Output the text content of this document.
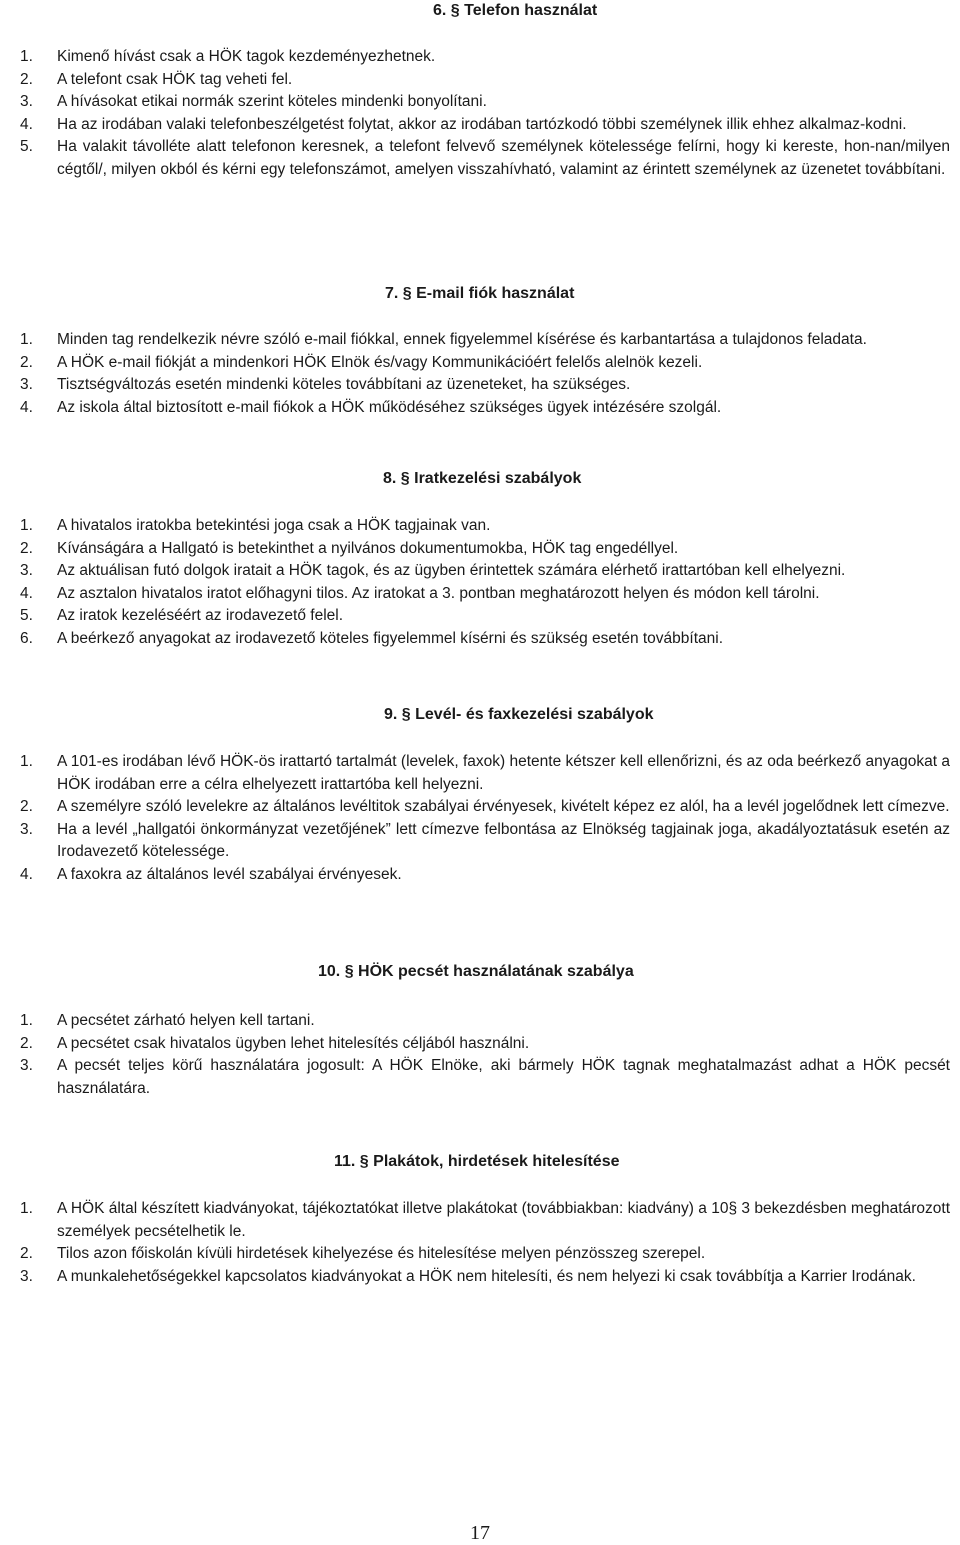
6. § Telefon használat
1.	Kimenő hívást csak a HÖK tagok kezdeményezhetnek.
2.	A telefont csak HÖK tag veheti fel.
3.	A hívásokat etikai normák szerint köteles mindenki bonyolítani.
4.	Ha az irodában valaki telefonbeszélgetést folytat, akkor az irodában tartózkodó többi személynek illik ehhez alkalmaz-kodni.
5.	Ha valakit távolléte alatt telefonon keresnek, a telefont felvevő személynek kötelessége felírni, hogy ki kereste, hon-nan/milyen cégtől/, milyen okból és kérni egy telefonszámot, amelyen visszahívható, valamint az érintett személynek az üzenetet továbbítani.
7. § E-mail fiók használat
1.	Minden tag rendelkezik névre szóló e-mail fiókkal, ennek figyelemmel kísérése és karbantartása a tulajdonos feladata.
2.	A HÖK e-mail fiókját a mindenkori HÖK Elnök és/vagy Kommunikációért felelős alelnök kezeli.
3.	Tisztségváltozás esetén mindenki köteles továbbítani az üzeneteket, ha szükséges.
4.	Az iskola által biztosított e-mail fiókok a HÖK működéséhez szükséges ügyek intézésére szolgál.
8. § Iratkezelési szabályok
1.	A hivatalos iratokba betekintési joga csak a HÖK tagjainak van.
2.	Kívánságára a Hallgató is betekinthet a nyilvános dokumentumokba, HÖK tag engedéllyel.
3.	Az aktuálisan futó dolgok iratait a HÖK tagok, és az ügyben érintettek számára elérhető irattartóban kell elhelyezni.
4.	Az asztalon hivatalos iratot előhagyni tilos. Az iratokat a 3. pontban meghatározott helyen és módon kell tárolni.
5.	Az iratok kezeléséért az irodavezető felel.
6.	A beérkező anyagokat az irodavezető köteles figyelemmel kísérni és szükség esetén továbbítani.
9. § Levél- és faxkezelési szabályok
1.	A 101-es irodában lévő HÖK-ös irattartó tartalmát (levelek, faxok) hetente kétszer kell ellenőrizni, és az oda beérkező anyagokat a HÖK irodában erre a célra elhelyezett irattartóba kell helyezni.
2.	A személyre szóló levelekre az általános levéltitok szabályai érvényesek, kivételt képez ez alól, ha a levél jogelődnek lett címezve.
3.	Ha a levél „hallgatói önkormányzat vezetőjének” lett címezve felbontása az Elnökség tagjainak joga, akadályoztatásuk esetén az Irodavezető kötelessége.
4.	A faxokra az általános levél szabályai érvényesek.
10. § HÖK pecsét használatának szabálya
1.	A pecsétet zárható helyen kell tartani.
2.	A pecsétet csak hivatalos ügyben lehet hitelesítés céljából használni.
3.	A pecsét teljes körű használatára jogosult: A HÖK Elnöke, aki bármely HÖK tagnak meghatalmazást adhat a HÖK pecsét használatára.
11. § Plakátok, hirdetések hitelesítése
1.	A HÖK által készített kiadványokat, tájékoztatókat illetve plakátokat (továbbiakban: kiadvány) a 10§ 3 bekezdésben meghatározott személyek pecsételhetik le.
2.	Tilos azon főiskolán kívüli hirdetések kihelyezése és hitelesítése melyen pénzösszeg szerepel.
3.	A munkalehetőségekkel kapcsolatos kiadványokat a HÖK nem hitelesíti, és nem helyezi ki csak továbbítja a Karrier Irodának.
17
